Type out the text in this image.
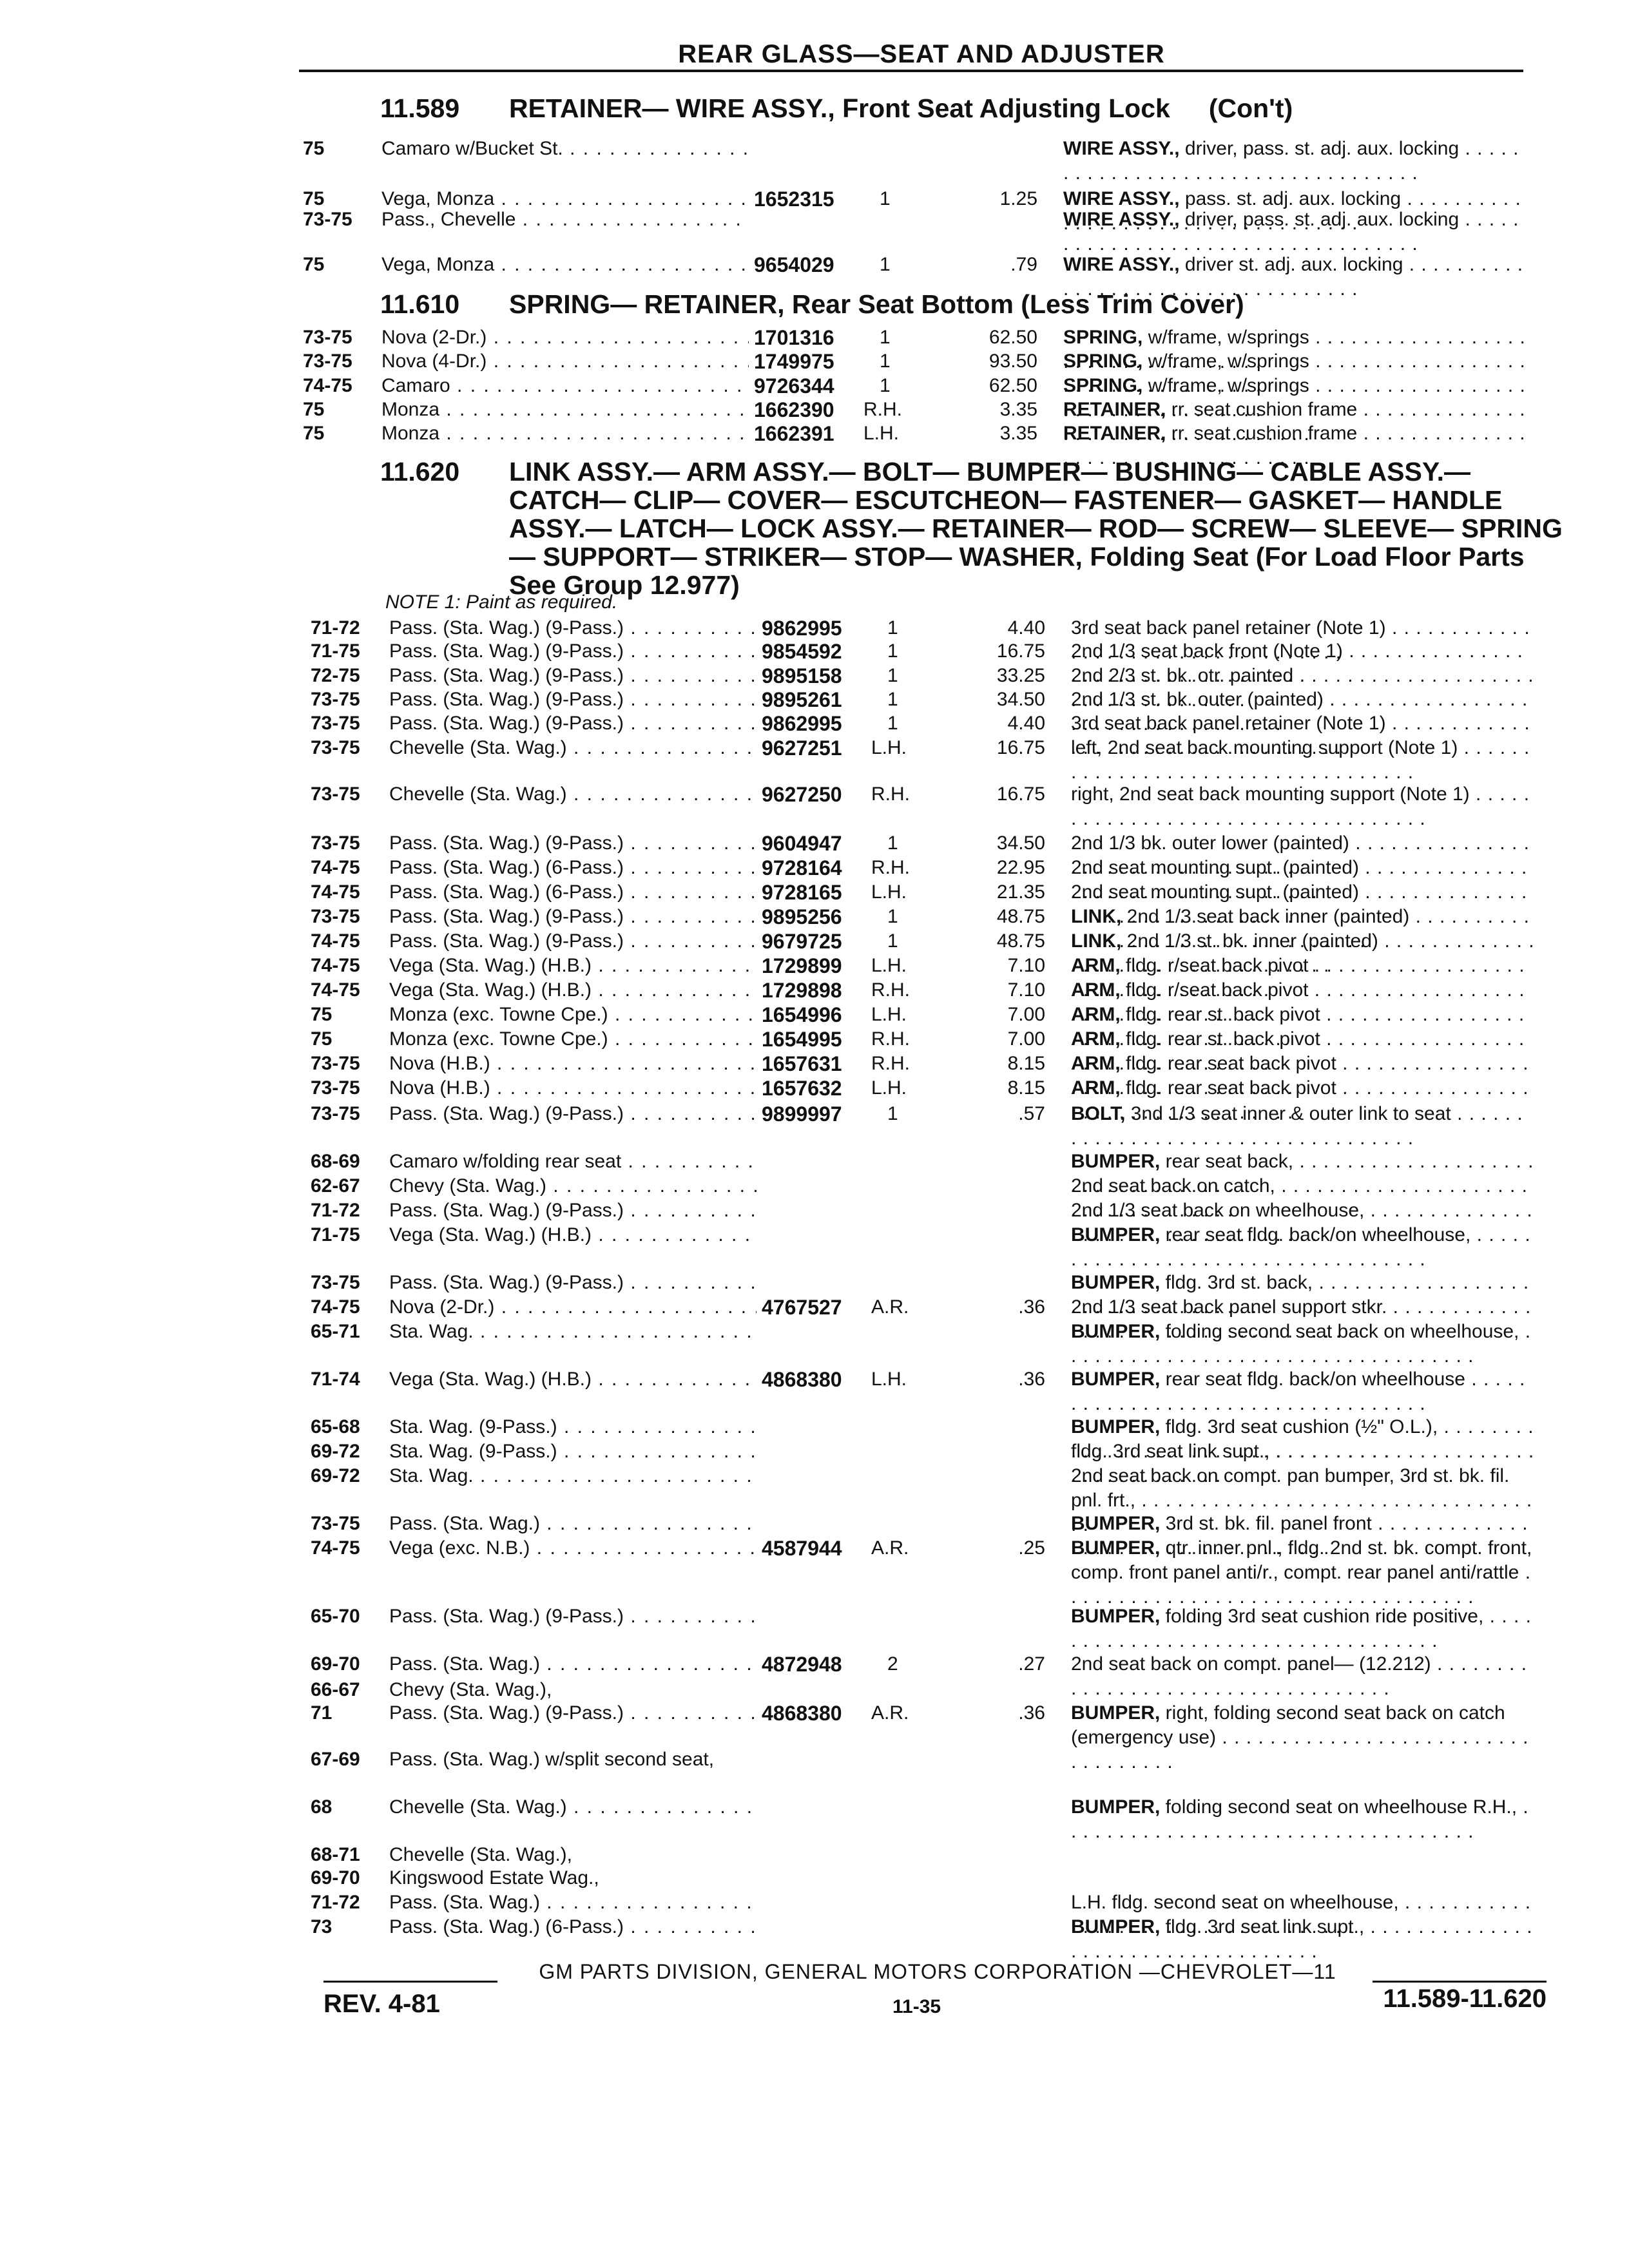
REAR GLASS—SEAT AND ADJUSTER
11.589 RETAINER— WIRE ASSY., Front Seat Adjusting Lock (Con't)
75	Camaro w/Bucket St. . . .	WIRE ASSY., driver, pass. st. adj. aux. locking . . .
75	Vega, Monza . . .	1652315 1	1.25 WIRE ASSY., pass. st. adj. aux. locking . . .
73-75 Pass., Chevelle . . .	WIRE ASSY., driver, pass. st. adj. aux. locking . . .
75	Vega, Monza . . .	9654029 1	.79 WIRE ASSY., driver st. adj. aux. locking . . .
11.610 SPRING— RETAINER, Rear Seat Bottom (Less Trim Cover)
73-75 Nova (2-Dr.) . . .	1701316 1	62.50 SPRING, w/frame, w/springs . . .
73-75 Nova (4-Dr.) . . .	1749975 1	93.50 SPRING, w/frame, w/springs . . .
74-75 Camaro . . .	9726344 1	62.50 SPRING, w/frame, w/springs . . .
75	Monza . . .	1662390 R.H.	3.35 RETAINER, rr. seat cushion frame . . .
75	Monza . . .	1662391 L.H.	3.35 RETAINER, rr. seat cushion frame . . .
11.620 LINK ASSY.— ARM ASSY.— BOLT— BUMPER— BUSHING— CABLE ASSY.— CATCH— CLIP— COVER— ESCUTCHEON— FASTENER— GASKET— HANDLE ASSY.— LATCH— LOCK ASSY.— RETAINER— ROD— SCREW— SLEEVE— SPRING— SUPPORT— STRIKER— STOP— WASHER, Folding Seat (For Load Floor Parts See Group 12.977)
NOTE 1: Paint as required.
71-72 Pass. (Sta. Wag.) (9-Pass.) . . .	9862995 1	4.40 3rd seat back panel retainer (Note 1) . . .
71-75 Pass. (Sta. Wag.) (9-Pass.) . . .	9854592 1	16.75 2nd 1/3 seat back front (Note 1) . . .
72-75 Pass. (Sta. Wag.) (9-Pass.) . . .	9895158 1	33.25 2nd 2/3 st. bk. otr. painted . . .
73-75 Pass. (Sta. Wag.) (9-Pass.) . . .	9895261 1	34.50 2nd 1/3 st. bk. outer (painted) . . .
73-75 Pass. (Sta. Wag.) (9-Pass.) . . .	9862995 1	4.40 3rd seat back panel retainer (Note 1) . . .
73-75 Chevelle (Sta. Wag.) . . .	9627251 L.H.	16.75 left, 2nd seat back mounting support (Note 1) . . .
73-75 Chevelle (Sta. Wag.) . . .	9627250 R.H.	16.75 right, 2nd seat back mounting support (Note 1) . . .
73-75 Pass. (Sta. Wag.) (9-Pass.) . . .	9604947 1	34.50 2nd 1/3 bk. outer lower (painted) . . .
74-75 Pass. (Sta. Wag.) (6-Pass.) . . .	9728164 R.H.	22.95 2nd seat mounting supt. (painted) . . .
74-75 Pass. (Sta. Wag.) (6-Pass.) . . .	9728165 L.H.	21.35 2nd seat mounting supt. (painted) . . .
73-75 Pass. (Sta. Wag.) (9-Pass.) . . .	9895256 1	48.75 LINK, 2nd 1/3 seat back inner (painted) . . .
74-75 Pass. (Sta. Wag.) (9-Pass.) . . .	9679725 1	48.75 LINK, 2nd 1/3 st. bk. inner (painted) . . .
74-75 Vega (Sta. Wag.) (H.B.) . . .	1729899 L.H.	7.10 ARM, fldg. r/seat back pivot . . .
74-75 Vega (Sta. Wag.) (H.B.) . . .	1729898 R.H.	7.10 ARM, fldg. r/seat back pivot . . .
75	Monza (exc. Towne Cpe.) . . .	1654996 L.H.	7.00 ARM, fldg. rear st. back pivot . . .
75	Monza (exc. Towne Cpe.) . . .	1654995 R.H.	7.00 ARM, fldg. rear st. back pivot . . .
73-75 Nova (H.B.) . . .	1657631 R.H.	8.15 ARM, fldg. rear seat back pivot . . .
73-75 Nova (H.B.) . . .	1657632 L.H.	8.15 ARM, fldg. rear seat back pivot . . .
73-75 Pass. (Sta. Wag.) (9-Pass.) . . .	9899997 1	.57 BOLT, 3nd 1/3 seat inner & outer link to seat . . .
68-69 Camaro w/folding rear seat . . .	BUMPER, rear seat back, . . .
62-67 Chevy (Sta. Wag.) . . .	2nd seat back on catch, . . .
71-72 Pass. (Sta. Wag.) (9-Pass.) . . .	2nd 1/3 seat back on wheelhouse, . . .
71-75 Vega (Sta. Wag.) (H.B.) . . .	BUMPER, rear seat fldg. back/on wheelhouse, . . .
73-75 Pass. (Sta. Wag.) (9-Pass.) . . .	BUMPER, fldg. 3rd st. back, . . .
74-75 Nova (2-Dr.) . . .	4767527 A.R.	.36 2nd 1/3 seat back panel support stkr. . . .
65-71 Sta. Wag. . . .	BUMPER, folding second seat back on wheelhouse, . . .
71-74 Vega (Sta. Wag.) (H.B.) . . .	4868380 L.H.	.36 BUMPER, rear seat fldg. back/on wheelhouse . . .
65-68 Sta. Wag. (9-Pass.) . . .	BUMPER, fldg. 3rd seat cushion (½" O.L.), . . .
69-72 Sta. Wag. (9-Pass.) . . .	fldg. 3rd seat link supt., . . .
69-72 Sta. Wag. . . .	2nd seat back on compt. pan bumper, 3rd st. bk. fil. pnl. frt., . . .
73-75 Pass. (Sta. Wag.) . . .	BUMPER, 3rd st. bk. fil. panel front . . .
74-75 Vega (exc. N.B.) . . .	4587944 A.R.	.25 BUMPER, qtr. inner pnl., fldg. 2nd st. bk. compt. front, comp. front panel anti/r., compt. rear panel anti/rattle . . .
65-70 Pass. (Sta. Wag.) (9-Pass.) . . .	BUMPER, folding 3rd seat cushion ride positive, . . .
69-70 Pass. (Sta. Wag.) . . .	4872948 2	.27 2nd seat back on compt. panel— (12.212) . . .
66-67 Chevy (Sta. Wag.),
71	Pass. (Sta. Wag.) (9-Pass.) . . .	4868380 A.R.	.36 BUMPER, right, folding second seat back on catch (emergency use) . . .
67-69 Pass. (Sta. Wag.) w/split second seat,
68	Chevelle (Sta. Wag.) . . .	BUMPER, folding second seat on wheelhouse R.H., . . .
68-71 Chevelle (Sta. Wag.),
69-70 Kingswood Estate Wag.,
71-72 Pass. (Sta. Wag.) . . .	L.H. fldg. second seat on wheelhouse, . . .
73	Pass. (Sta. Wag.) (6-Pass.) . . .	BUMPER, fldg. 3rd seat link supt., . . .
GM PARTS DIVISION, GENERAL MOTORS CORPORATION —CHEVROLET—11
REV. 4-81	11-35	11.589-11.620
